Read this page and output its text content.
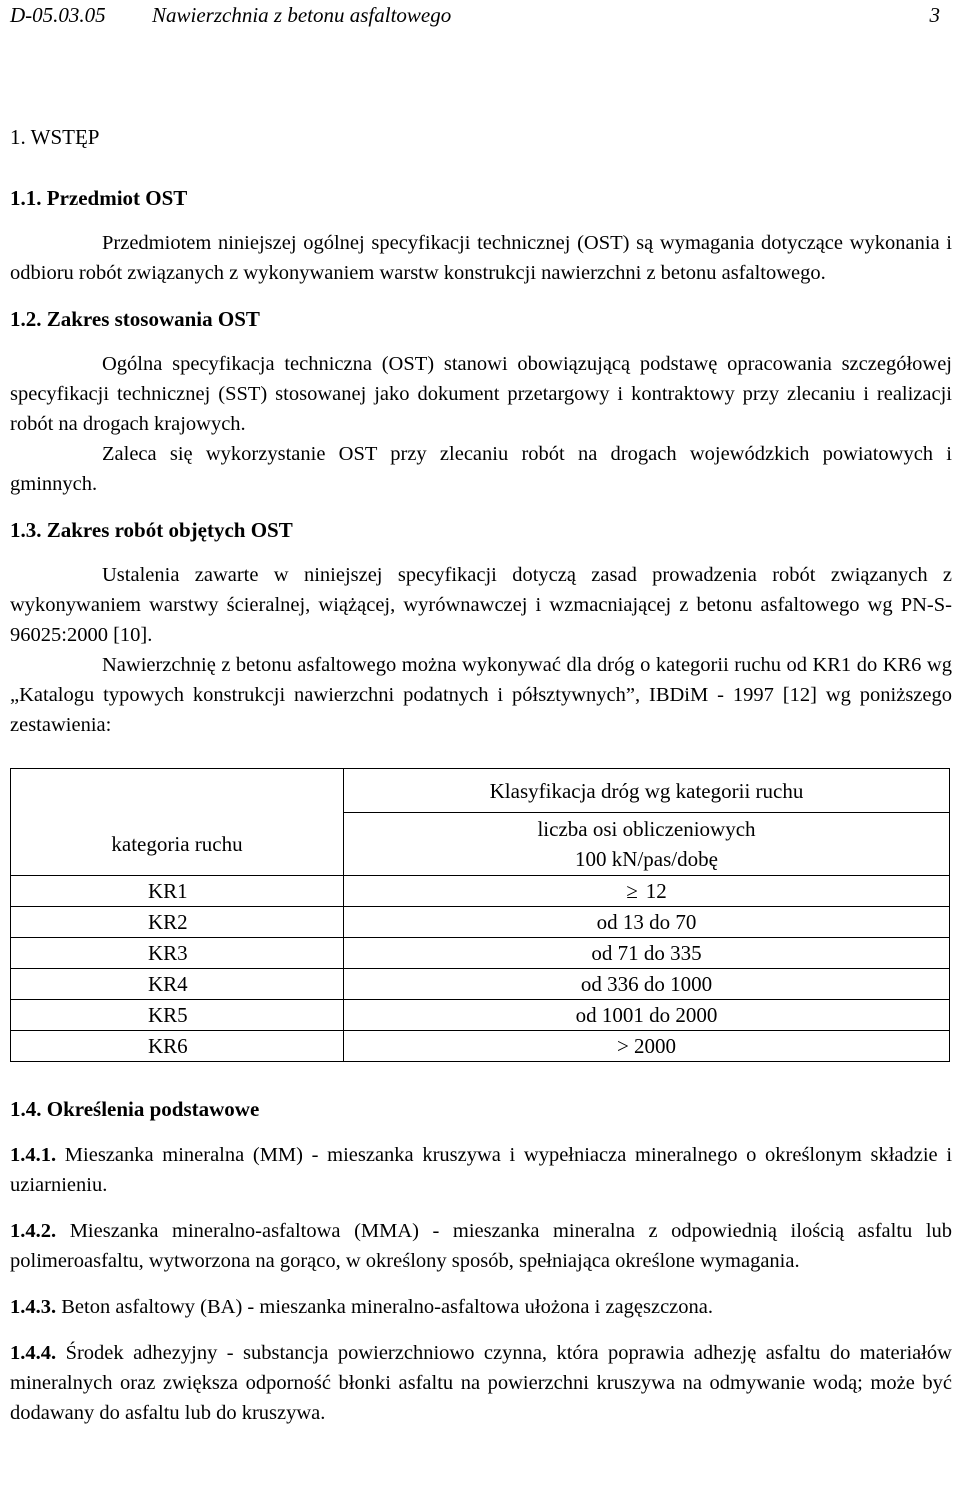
D-05.03.05 Nawierzchnia z betonu asfaltowego	3
1. WSTĘP
1.1. Przedmiot OST

Przedmiotem niniejszej ogólnej specyfikacji technicznej (OST) są wymagania dotyczące wykonania i odbioru robót związanych z wykonywaniem warstw konstrukcji nawierzchni z betonu asfaltowego.

1.2. Zakres stosowania OST

Ogólna specyfikacja techniczna (OST) stanowi obowiązującą podstawę opracowania szczegółowej specyfikacji technicznej (SST) stosowanej jako dokument przetargowy i kontraktowy przy zlecaniu i realizacji robót na drogach krajowych.

Zaleca się wykorzystanie OST przy zlecaniu robót na drogach wojewódzkich powiatowych i gminnych.

1.3. Zakres robót objętych OST

Ustalenia zawarte w niniejszej specyfikacji dotyczą zasad prowadzenia robót związanych z wykonywaniem warstwy ścieralnej, wiążącej, wyrównawczej i wzmacniającej z betonu asfaltowego wg PN-S-96025:2000 [10].

Nawierzchnię z betonu asfaltowego można wykonywać dla dróg o kategorii ruchu od KR1 do KR6 wg „Katalogu typowych konstrukcji nawierzchni podatnych i półsztywnych”, IBDiM - 1997 [12] wg poniższego zestawienia:

	Klasyfikacja dróg wg kategorii ruchu
kategoria ruchu	liczba osi obliczeniowych
100 kN/pas/dobę

KR1	≥ 12
KR2	od 13 do 70
KR3	od 71 do 335
KR4	od 336 do 1000
KR5	od 1001 do 2000
KR6	> 2000
1.4. Określenia podstawowe

1.4.1. Mieszanka mineralna (MM) - mieszanka kruszywa i wypełniacza mineralnego o określonym składzie i uziarnieniu.

1.4.2. Mieszanka mineralno-asfaltowa (MMA) - mieszanka mineralna z odpowiednią ilością asfaltu lub polimeroasfaltu, wytworzona na gorąco, w określony sposób, spełniająca określone wymagania.

1.4.3. Beton asfaltowy (BA) - mieszanka mineralno-asfaltowa ułożona i zagęszczona.

1.4.4. Środek adhezyjny - substancja powierzchniowo czynna, która poprawia adhezję asfaltu do materiałów mineralnych oraz zwiększa odporność błonki asfaltu na powierzchni kruszywa na odmywanie wodą; może być dodawany do asfaltu lub do kruszywa.
